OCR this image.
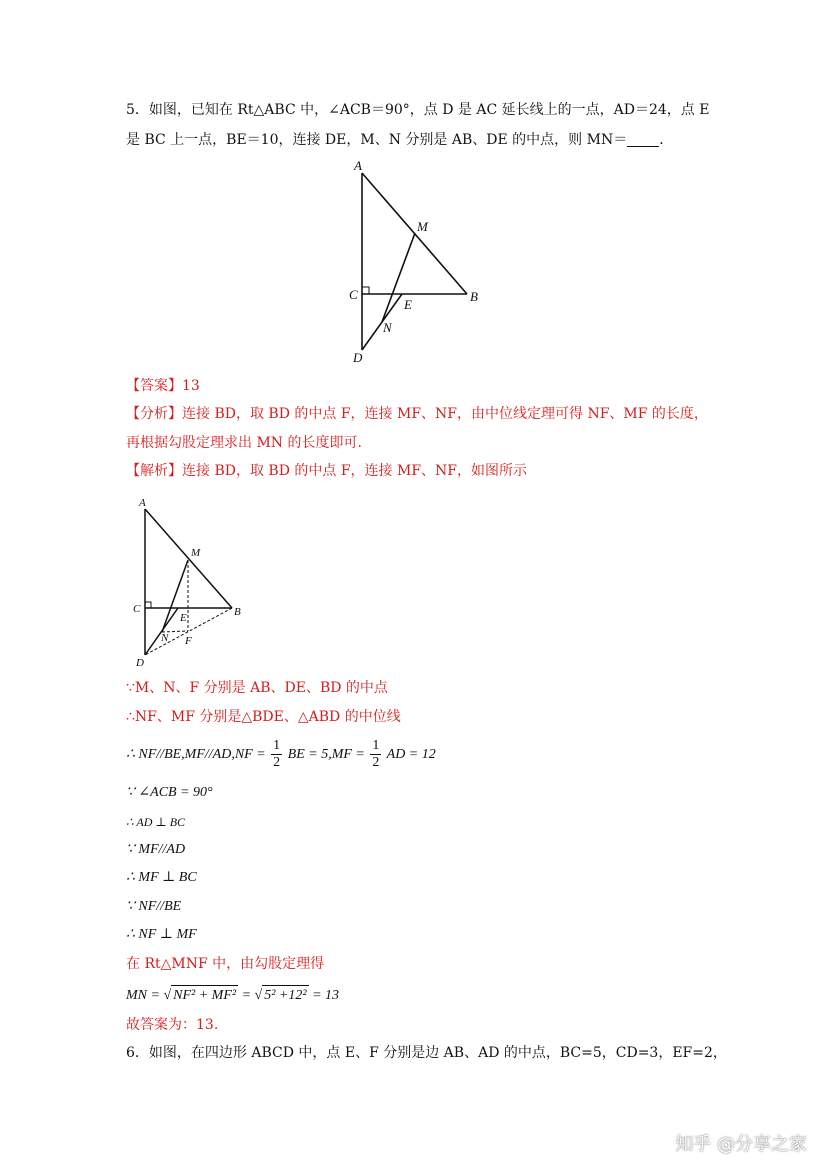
5．如图，已知在 Rt△ABC 中，∠ACB＝90°，点 D 是 AC 延长线上的一点，AD＝24，点 E
是 BC 上一点，BE＝10，连接 DE，M、N 分别是 AB、DE 的中点，则 MN＝ ．
A
M
C	B
E
N
D
【答案】13
【分析】连接 BD，取 BD 的中点 F，连接 MF、NF，由中位线定理可得 NF、MF 的长度，
再根据勾股定理求出 MN 的长度即可.
【解析】连接 BD，取 BD 的中点 F，连接 MF、NF，如图所示
A
M
C	B
E
N F
D
∵M、N、F 分别是 AB、DE、BD 的中点
∴NF、MF 分别是△BDE、△ABD 的中位线
∴ $NF//BE,MF//AD,NF = \frac{1}{2}$ BE = $5,MF = \frac{1}{2}$ AD = 12
∵ ∠ACB = 90°
∴ AD ⊥ BC
∵ MF//AD
∴ MF ⊥ BC
∵ NF//BE
∴ NF ⊥ MF
在 Rt△MNF 中，由勾股定理得
MN = √ NF² + MF² = √ 5² +12² = 13
故答案为：13.
6．如图，在四边形 ABCD 中，点 E、F 分别是边 AB、AD 的中点，BC=5，CD=3，EF=2，
知乎 @分享之家
